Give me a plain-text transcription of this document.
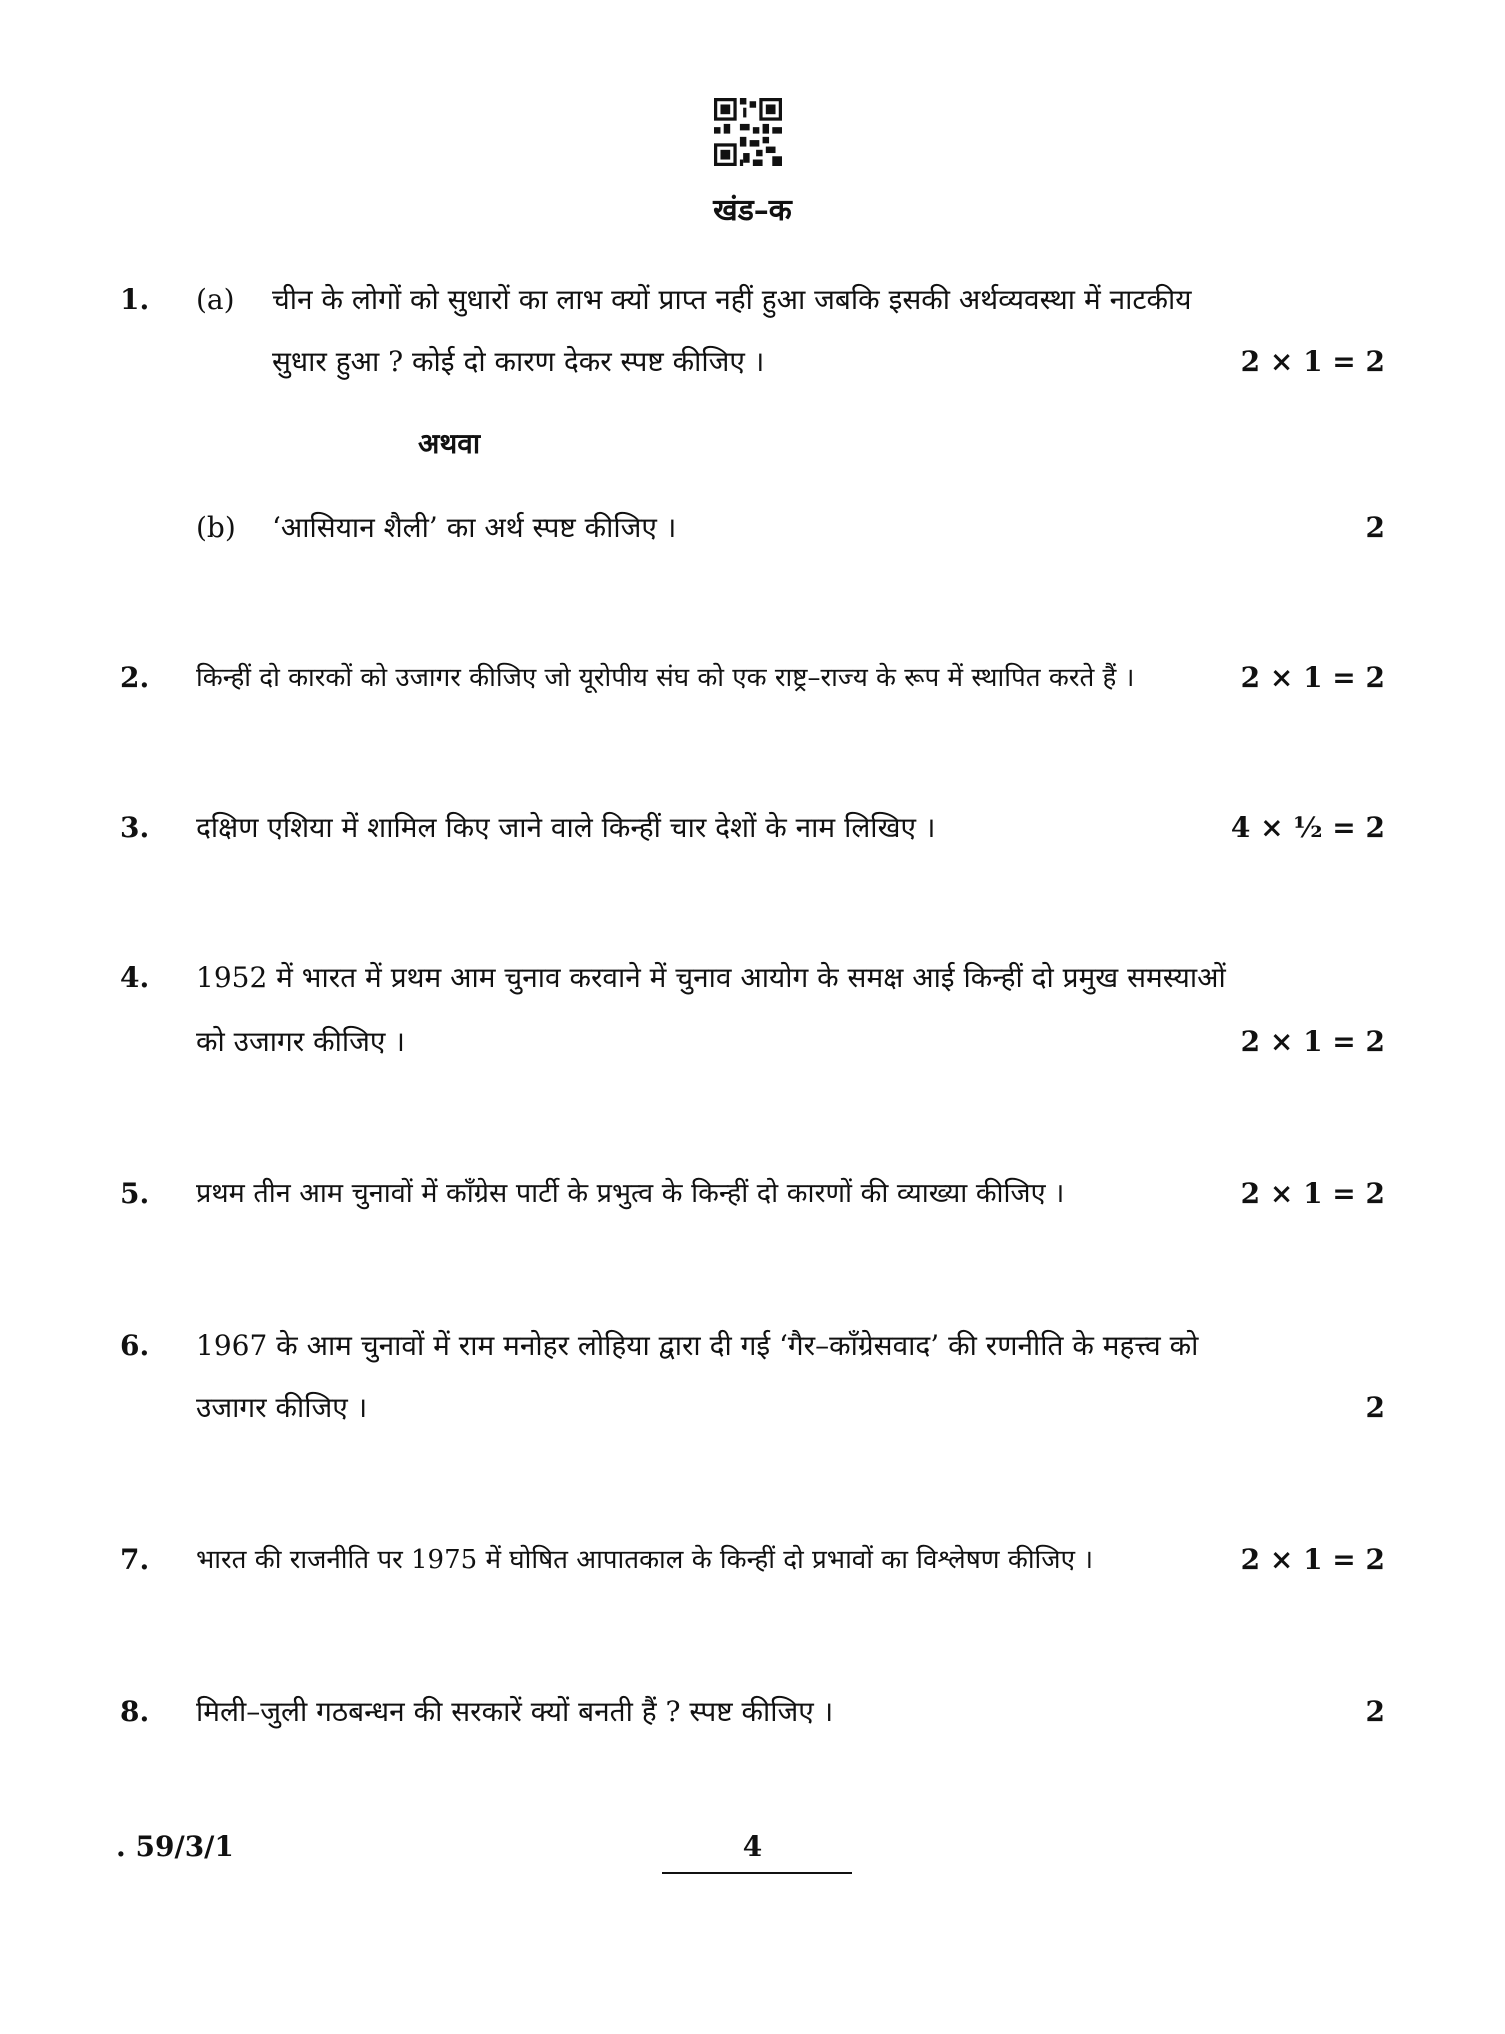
खंड–क
1. (a) चीन के लोगों को सुधारों का लाभ क्यों प्राप्त नहीं हुआ जबकि इसकी अर्थव्यवस्था में नाटकीय
सुधार हुआ ? कोई दो कारण देकर स्पष्ट कीजिए ।	2 × 1 = 2
अथवा
(b) ‘आसियान शैली’ का अर्थ स्पष्ट कीजिए ।	2
2. किन्हीं दो कारकों को उजागर कीजिए जो यूरोपीय संघ को एक राष्ट्र–राज्य के रूप में स्थापित करते हैं ।	2 × 1 = 2
3. दक्षिण एशिया में शामिल किए जाने वाले किन्हीं चार देशों के नाम लिखिए ।	4 × ½ = 2
4. 1952 में भारत में प्रथम आम चुनाव करवाने में चुनाव आयोग के समक्ष आई किन्हीं दो प्रमुख समस्याओं
को उजागर कीजिए ।	2 × 1 = 2
5. प्रथम तीन आम चुनावों में काँग्रेस पार्टी के प्रभुत्व के किन्हीं दो कारणों की व्याख्या कीजिए ।	2 × 1 = 2
6. 1967 के आम चुनावों में राम मनोहर लोहिया द्वारा दी गई ‘गैर–काँग्रेसवाद’ की रणनीति के महत्त्व को
उजागर कीजिए ।	2
7. भारत की राजनीति पर 1975 में घोषित आपातकाल के किन्हीं दो प्रभावों का विश्लेषण कीजिए ।	2 × 1 = 2
8. मिली–जुली गठबन्धन की सरकारें क्यों बनती हैं ? स्पष्ट कीजिए ।	2
. 59/3/1	4
